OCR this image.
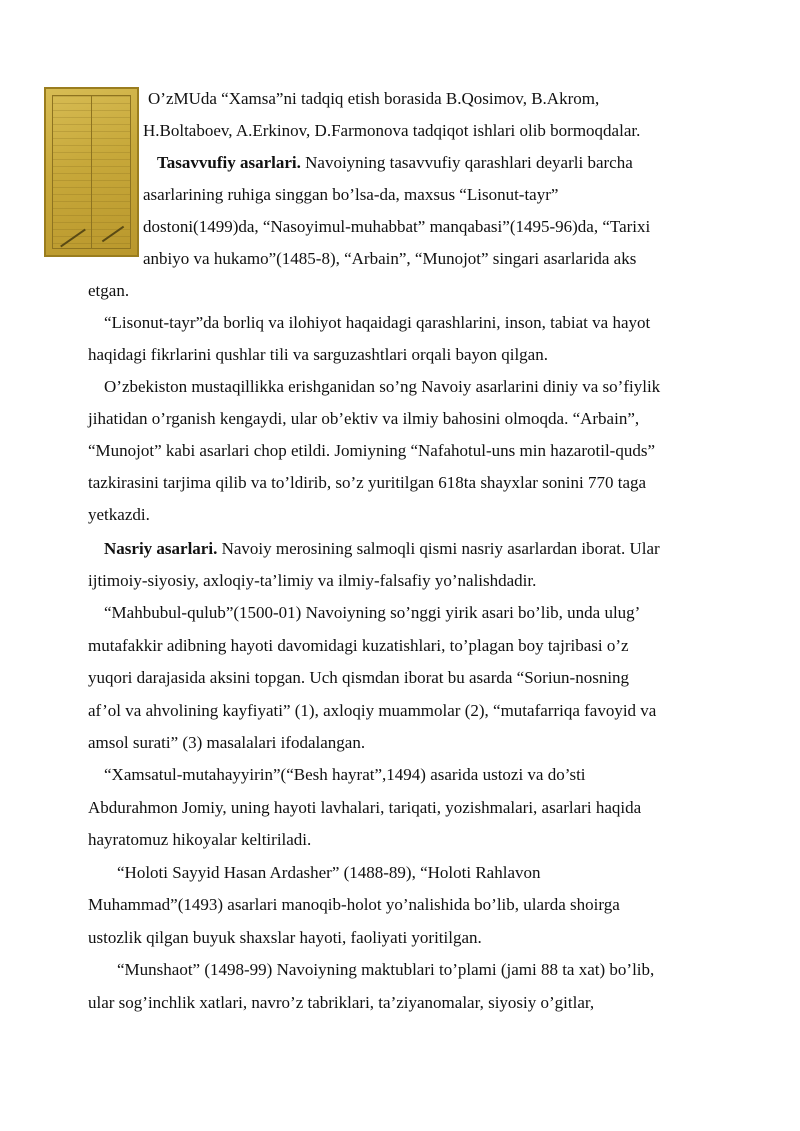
O’zMUda “Xamsa”ni tadqiq etish borasida B.Qosimov, B.Akrom,
H.Boltaboev, A.Erkinov, D.Farmonova tadqiqot ishlari olib bormoqdalar.
Tasavvufiy asarlari. Navoiyning tasavvufiy qarashlari deyarli barcha
asarlarining ruhiga singgan bo’lsa-da, maxsus “Lisonut-tayr”
dostoni(1499)da, “Nasoyimul-muhabbat” manqabasi”(1495-96)da, “Tarixi
anbiyo va hukamo”(1485-8), “Arbain”, “Munojot” singari asarlarida aks
etgan.
“Lisonut-tayr”da borliq va ilohiyot haqaidagi qarashlarini, inson, tabiat va hayot
haqidagi fikrlarini qushlar tili va sarguzashtlari orqali bayon qilgan.
O’zbekiston mustaqillikka erishganidan so’ng Navoiy asarlarini diniy va so’fiylik
jihatidan o’rganish kengaydi, ular ob’ektiv va ilmiy bahosini olmoqda. “Arbain”,
“Munojot” kabi asarlari chop etildi. Jomiyning “Nafahotul-uns min hazarotil-quds”
tazkirasini tarjima qilib va to’ldirib, so’z yuritilgan 618ta shayxlar sonini 770 taga
yetkazdi.
Nasriy asarlari. Navoiy merosining salmoqli qismi nasriy asarlardan iborat. Ular
ijtimoiy-siyosiy, axloqiy-ta’limiy va ilmiy-falsafiy yo’nalishdadir.
“Mahbubul-qulub”(1500-01) Navoiyning so’nggi yirik asari bo’lib, unda ulug’
mutafakkir adibning hayoti davomidagi kuzatishlari, to’plagan boy tajribasi o’z
yuqori darajasida aksini topgan. Uch qismdan iborat bu asarda “Soriun-nosning
af’ol va ahvolining kayfiyati” (1), axloqiy muammolar (2), “mutafarriqa favoyid va
amsol surati” (3) masalalari ifodalangan.
“Xamsatul-mutahayyirin”(“Besh hayrat”,1494) asarida ustozi va do’sti
Abdurahmon Jomiy, uning hayoti lavhalari, tariqati, yozishmalari, asarlari haqida
hayratomuz hikoyalar keltiriladi.
“Holoti Sayyid Hasan Ardasher” (1488-89), “Holoti Rahlavon
Muhammad”(1493) asarlari manoqib-holot yo’nalishida bo’lib, ularda shoirga
ustozlik qilgan buyuk shaxslar hayoti, faoliyati yoritilgan.
“Munshaot” (1498-99) Navoiyning maktublari to’plami (jami 88 ta xat) bo’lib,
ular sog’inchlik xatlari, navro’z tabriklari, ta’ziyanomalar, siyosiy o’gitlar,
